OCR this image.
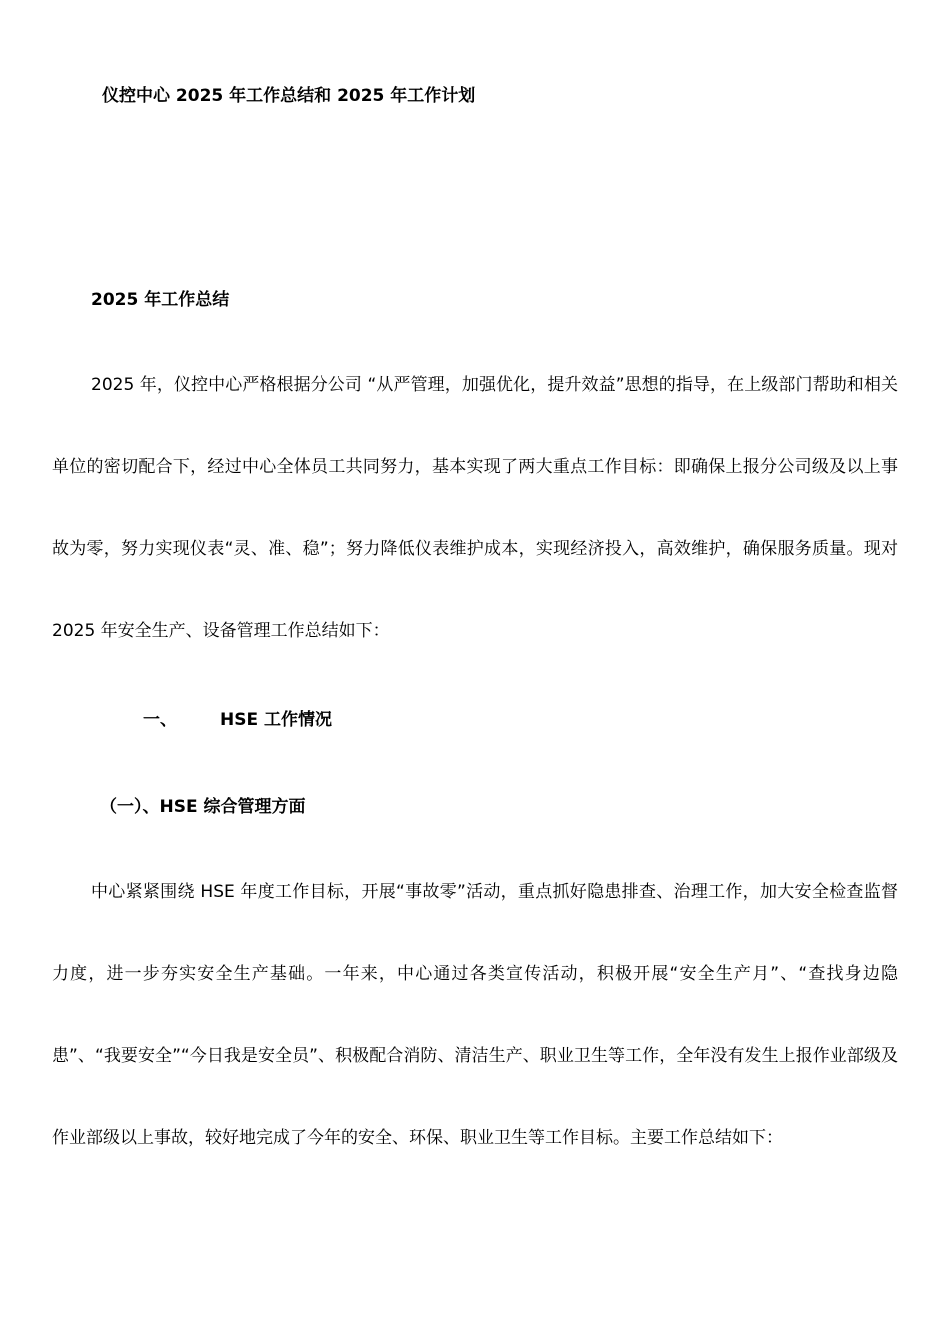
仪控中心 2025 年工作总结和 2025 年工作计划
2025 年工作总结

2025 年，仪控中心严格根据分公司 “从严管理，加强优化，提升效益”思想的指导，在上级部门帮助和相关单位的密切配合下，经过中心全体员工共同努力，基本实现了两大重点工作目标：即确保上报分公司级及以上事故为零，努力实现仪表“灵、准、稳”；努力降低仪表维护成本，实现经济投入，高效维护，确保服务质量。现对 2025 年安全生产、设备管理工作总结如下：

一、	HSE 工作情况
（一）、HSE 综合管理方面

中心紧紧围绕 HSE 年度工作目标，开展“事故零”活动，重点抓好隐患排查、治理工作，加大安全检查监督力度，进一步夯实安全生产基础。一年来，中心通过各类宣传活动，积极开展“安全生产月”、“查找身边隐患”、“我要安全”“今日我是安全员”、积极配合消防、清洁生产、职业卫生等工作，全年没有发生上报作业部级及作业部级以上事故，较好地完成了今年的安全、环保、职业卫生等工作目标。主要工作总结如下：
